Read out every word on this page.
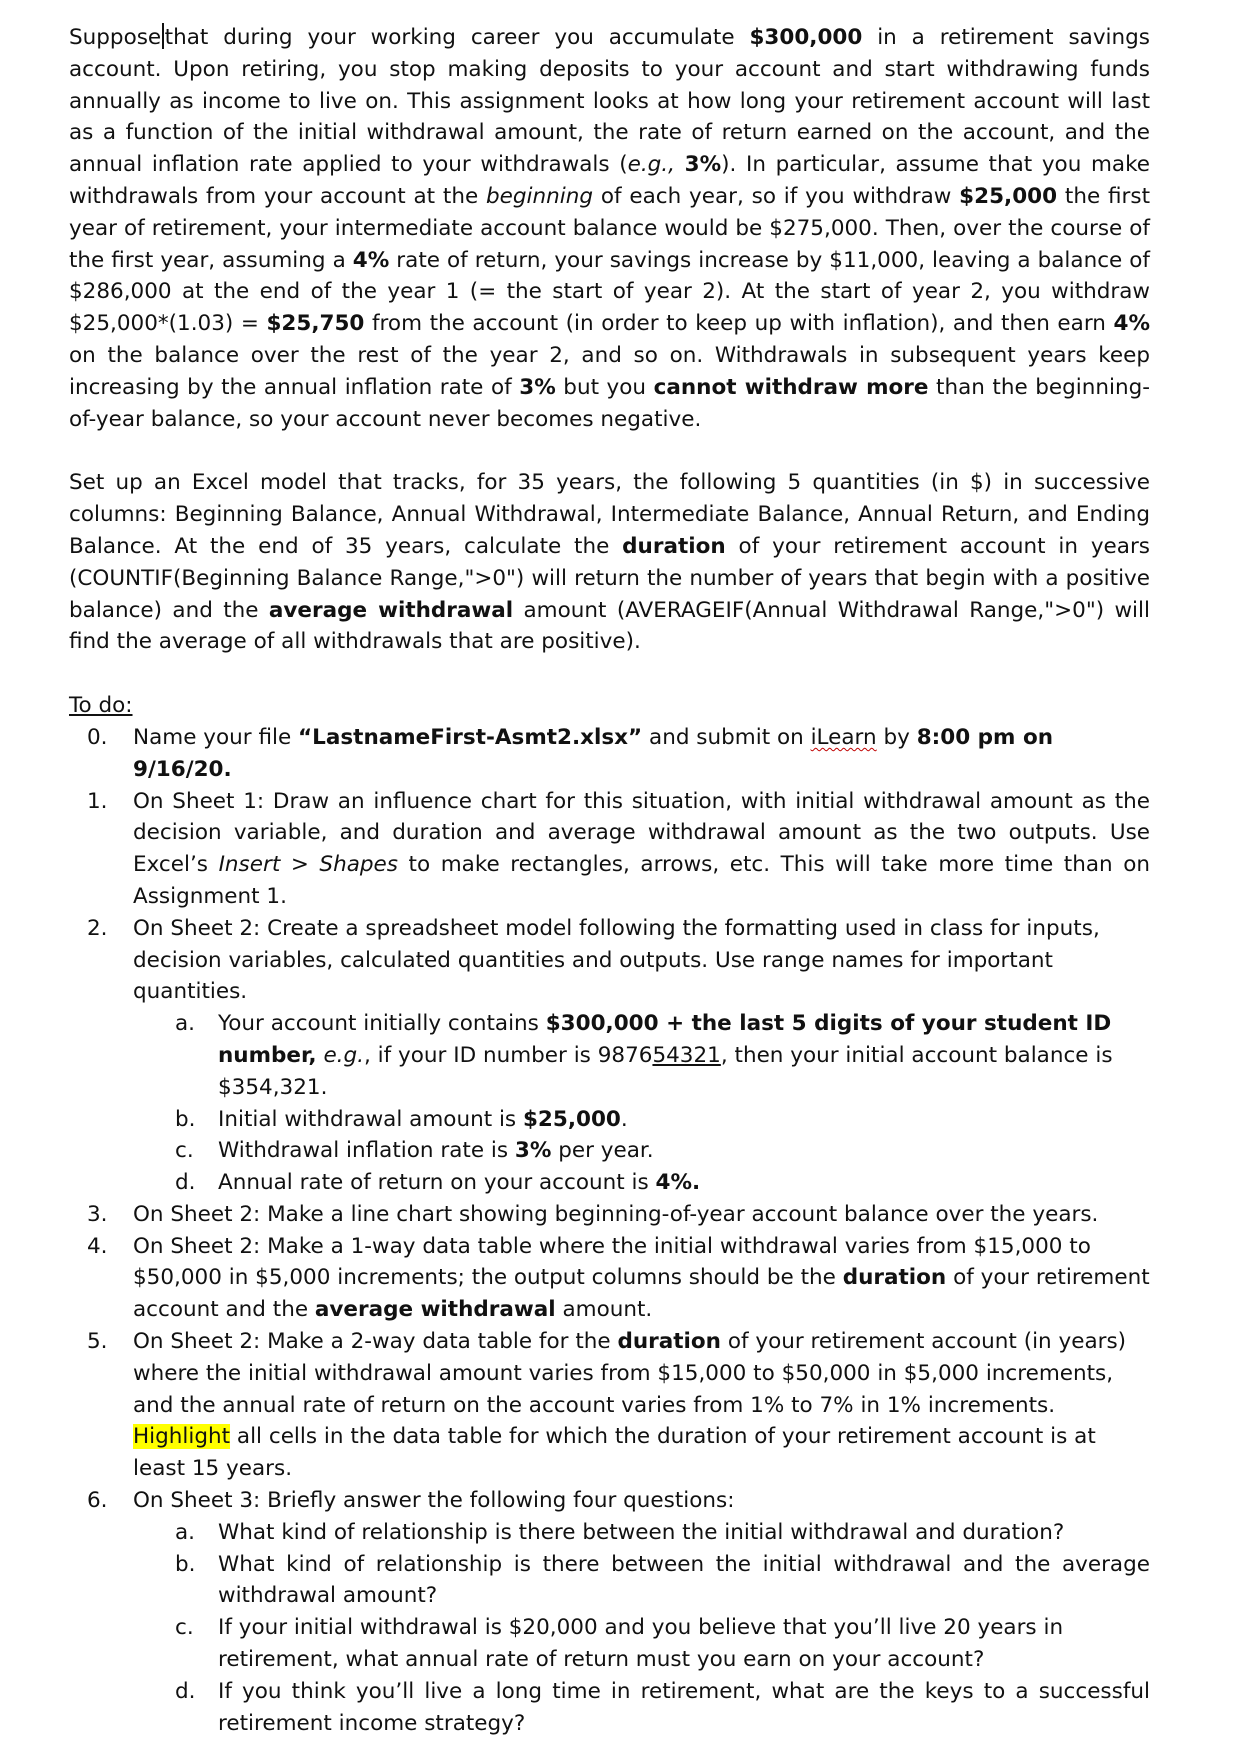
Suppose that during your working career you accumulate $300,000 in a retirement savings account. Upon retiring, you stop making deposits to your account and start withdrawing funds annually as income to live on. This assignment looks at how long your retirement account will last as a function of the initial withdrawal amount, the rate of return earned on the account, and the annual inflation rate applied to your withdrawals (e.g., 3%). In particular, assume that you make withdrawals from your account at the beginning of each year, so if you withdraw $25,000 the first year of retirement, your intermediate account balance would be $275,000. Then, over the course of the first year, assuming a 4% rate of return, your savings increase by $11,000, leaving a balance of $286,000 at the end of the year 1 (= the start of year 2). At the start of year 2, you withdraw $25,000*(1.03) = $25,750 from the account (in order to keep up with inflation), and then earn 4% on the balance over the rest of the year 2, and so on. Withdrawals in subsequent years keep increasing by the annual inflation rate of 3% but you cannot withdraw more than the beginning-of-year balance, so your account never becomes negative.

Set up an Excel model that tracks, for 35 years, the following 5 quantities (in $) in successive columns: Beginning Balance, Annual Withdrawal, Intermediate Balance, Annual Return, and Ending Balance. At the end of 35 years, calculate the duration of your retirement account in years (COUNTIF(Beginning Balance Range,">0") will return the number of years that begin with a positive balance) and the average withdrawal amount (AVERAGEIF(Annual Withdrawal Range,">0") will find the average of all withdrawals that are positive).

To do:

0. Name your file “LastnameFirst-Asmt2.xlsx” and submit on iLearn by 8:00 pm on 9/16/20.
1. On Sheet 1: Draw an influence chart for this situation, with initial withdrawal amount as the decision variable, and duration and average withdrawal amount as the two outputs. Use Excel’s Insert > Shapes to make rectangles, arrows, etc. This will take more time than on Assignment 1.
2. On Sheet 2: Create a spreadsheet model following the formatting used in class for inputs, decision variables, calculated quantities and outputs. Use range names for important quantities.
a. Your account initially contains $300,000 + the last 5 digits of your student ID number, e.g., if your ID number is 987654321, then your initial account balance is $354,321.
b. Initial withdrawal amount is $25,000.
c. Withdrawal inflation rate is 3% per year.
d. Annual rate of return on your account is 4%.
3. On Sheet 2: Make a line chart showing beginning-of-year account balance over the years.
4. On Sheet 2: Make a 1-way data table where the initial withdrawal varies from $15,000 to $50,000 in $5,000 increments; the output columns should be the duration of your retirement account and the average withdrawal amount.
5. On Sheet 2: Make a 2-way data table for the duration of your retirement account (in years) where the initial withdrawal amount varies from $15,000 to $50,000 in $5,000 increments, and the annual rate of return on the account varies from 1% to 7% in 1% increments. Highlight all cells in the data table for which the duration of your retirement account is at least 15 years.
6. On Sheet 3: Briefly answer the following four questions:
a. What kind of relationship is there between the initial withdrawal and duration?
b. What kind of relationship is there between the initial withdrawal and the average withdrawal amount?
c. If your initial withdrawal is $20,000 and you believe that you’ll live 20 years in retirement, what annual rate of return must you earn on your account?
d. If you think you’ll live a long time in retirement, what are the keys to a successful retirement income strategy?
